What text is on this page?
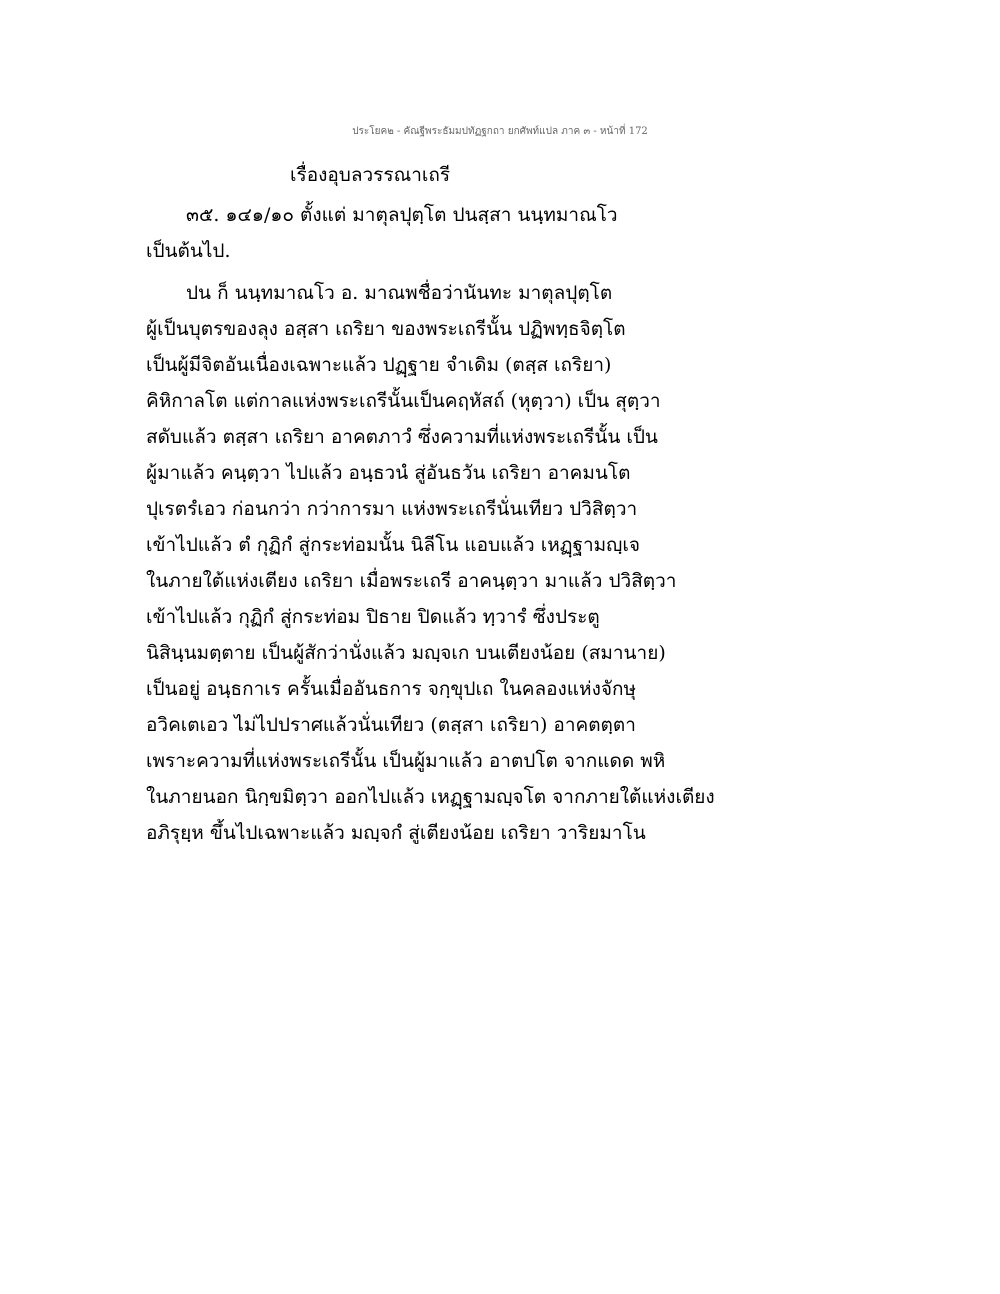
ประโยค๒ - คัณฐีพระธัมมปทัฏฐกถา ยกศัพท์แปล ภาค ๓ - หน้าที่ 172
เรื่องอุบลวรรณาเถรี
๓๕. ๑๔๑/๑๐ ตั้งแต่ มาตุลปุตฺโต ปนสฺสา นนฺทมาณโว
เป็นต้นไป.
ปน ก็ นนฺทมาณโว อ. มาณพชื่อว่านันทะ มาตุลปุตฺโต
ผู้เป็นบุตรของลุง อสฺสา เถริยา ของพระเถรีนั้น ปฏิพทฺธจิตฺโต
เป็นผู้มีจิตอันเนื่องเฉพาะแล้ว ปฏฺฐาย จำเดิม (ตสฺส เถริยา)
คิหิกาลโต แต่กาลแห่งพระเถรีนั้นเป็นคฤหัสถ์ (หุตฺวา) เป็น สุตฺวา
สดับแล้ว ตสฺสา เถริยา อาคตภาวํ ซึ่งความที่แห่งพระเถรีนั้น เป็น
ผู้มาแล้ว คนฺตฺวา ไปแล้ว อนฺธวนํ สู่อันธวัน เถริยา อาคมนโต
ปุเรตรํเอว ก่อนกว่า กว่าการมา แห่งพระเถรีนั่นเทียว ปวิสิตฺวา
เข้าไปแล้ว ตํ กุฏิกํ สู่กระท่อมนั้น นิลีโน แอบแล้ว เหฏฺฐามญฺเจ
ในภายใต้แห่งเตียง เถริยา เมื่อพระเถรี อาคนฺตฺวา มาแล้ว ปวิสิตฺวา
เข้าไปแล้ว กุฏิกํ สู่กระท่อม ปิธาย ปิดแล้ว ทฺวารํ ซึ่งประตู
นิสินฺนมตฺตาย เป็นผู้สักว่านั่งแล้ว มญฺจเก บนเตียงน้อย (สมานาย)
เป็นอยู่ อนฺธกาเร ครั้นเมื่ออันธการ จกฺขุปเถ ในคลองแห่งจักษุ
อวิคเตเอว ไม่ไปปราศแล้วนั่นเทียว (ตสฺสา เถริยา) อาคตตฺตา
เพราะความที่แห่งพระเถรีนั้น เป็นผู้มาแล้ว อาตปโต จากแดด พหิ
ในภายนอก นิกฺขมิตฺวา ออกไปแล้ว เหฏฺฐามญฺจโต จากภายใต้แห่งเตียง
อภิรุยฺห ขึ้นไปเฉพาะแล้ว มญฺจกํ สู่เตียงน้อย เถริยา วาริยมาโน
